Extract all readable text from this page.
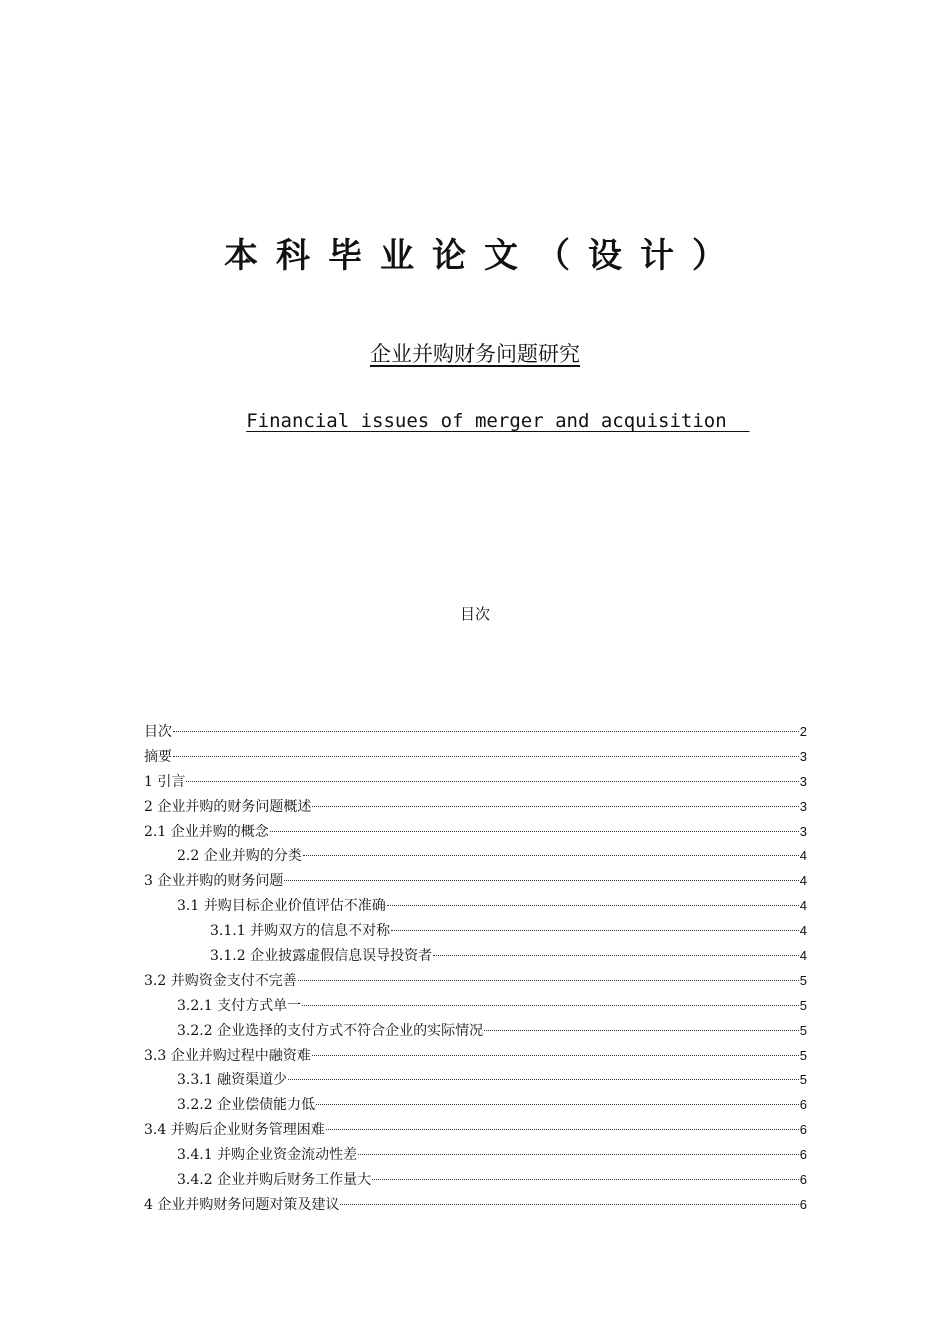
本科毕业论文（设计）
企业并购财务问题研究

Financial issues of merger and acquisition

目次
目次	2
摘要	3
1 引言	3
2 企业并购的财务问题概述	3
2.1 企业并购的概念	3
2.2 企业并购的分类	4
3 企业并购的财务问题	4
3.1 并购目标企业价值评估不准确	4
3.1.1 并购双方的信息不对称	4
3.1.2 企业披露虚假信息误导投资者	4
3.2 并购资金支付不完善	5
3.2.1 支付方式单一	5
3.2.2 企业选择的支付方式不符合企业的实际情况	5
3.3 企业并购过程中融资难	5
3.3.1 融资渠道少	5
3.2.2 企业偿债能力低	6
3.4 并购后企业财务管理困难	6
3.4.1 并购企业资金流动性差	6
3.4.2 企业并购后财务工作量大	6
4 企业并购财务问题对策及建议	6
